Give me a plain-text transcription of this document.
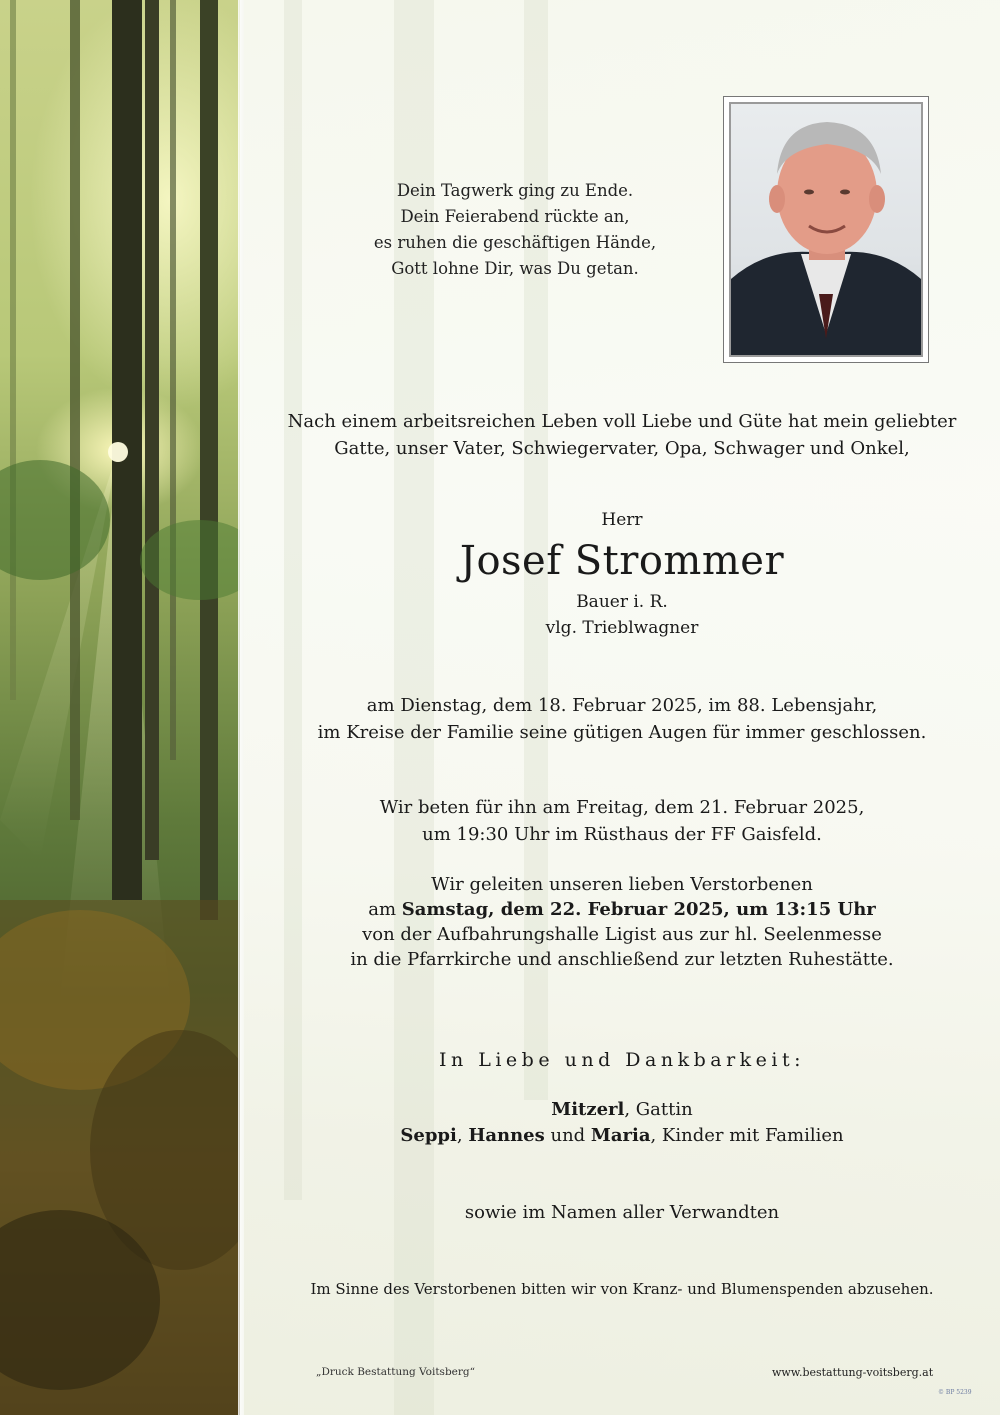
Dein Tagwerk ging zu Ende.
Dein Feierabend rückte an,
es ruhen die geschäftigen Hände,
Gott lohne Dir, was Du getan.
Nach einem arbeitsreichen Leben voll Liebe und Güte hat mein geliebter
Gatte, unser Vater, Schwiegervater, Opa, Schwager und Onkel,
Herr
Josef Strommer
Bauer i. R.
vlg. Trieblwagner
am Dienstag, dem 18. Februar 2025, im 88. Lebensjahr,
im Kreise der Familie seine gütigen Augen für immer geschlossen.
Wir beten für ihn am Freitag, dem 21. Februar 2025,
um 19:30 Uhr im Rüsthaus der FF Gaisfeld.
Wir geleiten unseren lieben Verstorbenen
am Samstag, dem 22. Februar 2025, um 13:15 Uhr
von der Aufbahrungshalle Ligist aus zur hl. Seelenmesse
in die Pfarrkirche und anschließend zur letzten Ruhestätte.
In Liebe und Dankbarkeit:
Mitzerl, Gattin
Seppi, Hannes und Maria, Kinder mit Familien
sowie im Namen aller Verwandten
Im Sinne des Verstorbenen bitten wir von Kranz- und Blumenspenden abzusehen.
„Druck Bestattung Voitsberg“	www.bestattung-voitsberg.at
© BP 5239
